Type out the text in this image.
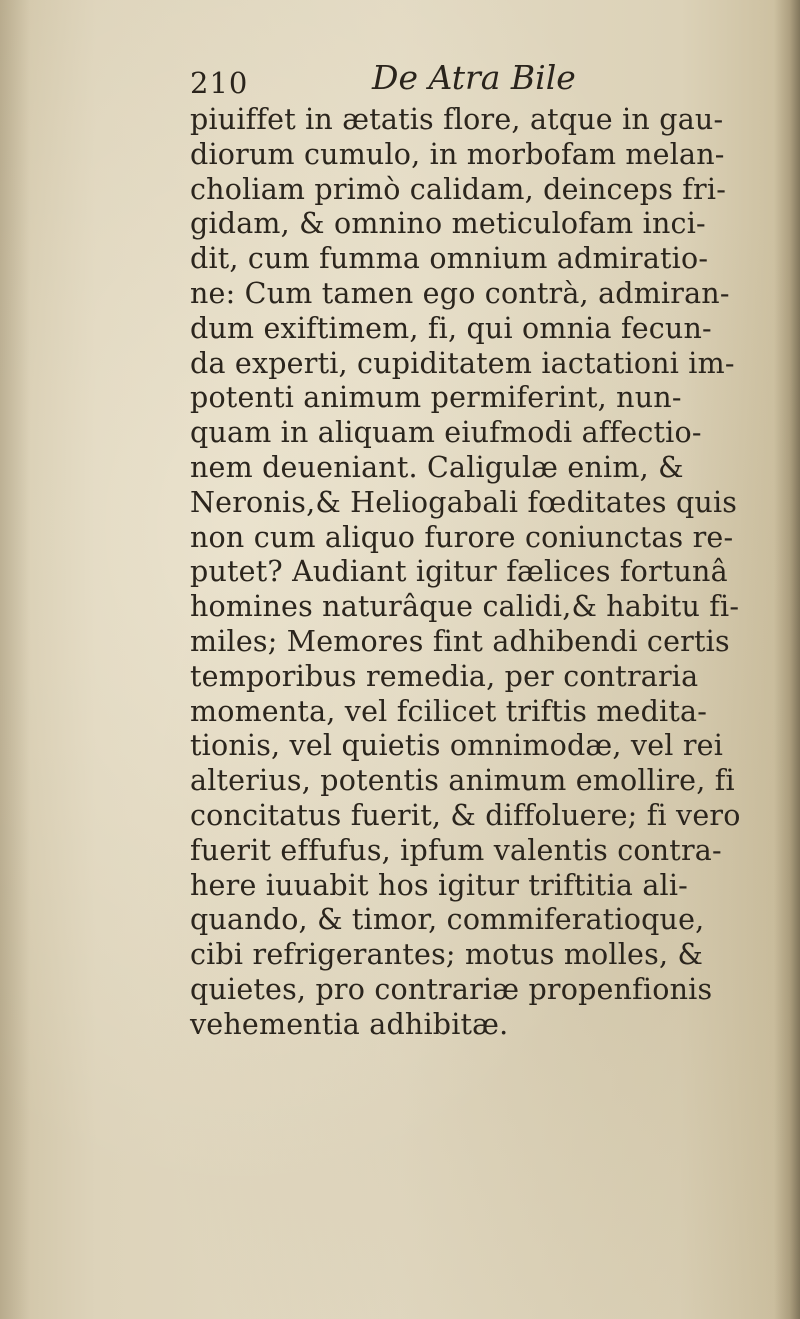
210	De Atra Bile
piuiffet in ætatis flore, atque in gau-
diorum cumulo, in morbofam melan-
choliam primò calidam, deinceps fri-
gidam, & omnino meticulofam inci-
dit, cum fumma omnium admiratio-
ne: Cum tamen ego contrà, admiran-
dum exiftimem, fi, qui omnia fecun-
da experti, cupiditatem iactationi im-
potenti animum permiferint, nun-
quam in aliquam eiufmodi affectio-
nem deueniant. Caligulæ enim, &
Neronis,& Heliogabali fœditates quis
non cum aliquo furore coniunctas re-
putet? Audiant igitur fælices fortunâ
homines naturâque calidi,& habitu fi-
miles; Memores fint adhibendi certis
temporibus remedia, per contraria
momenta, vel fcilicet triftis medita-
tionis, vel quietis omnimodæ, vel rei
alterius, potentis animum emollire, fi
concitatus fuerit, & diffoluere; fi vero
fuerit effufus, ipfum valentis contra-
here iuuabit hos igitur triftitia ali-
quando, & timor, commiferatioque,
cibi refrigerantes; motus molles, &
quietes, pro contrariæ propenfionis
vehementia adhibitæ.
